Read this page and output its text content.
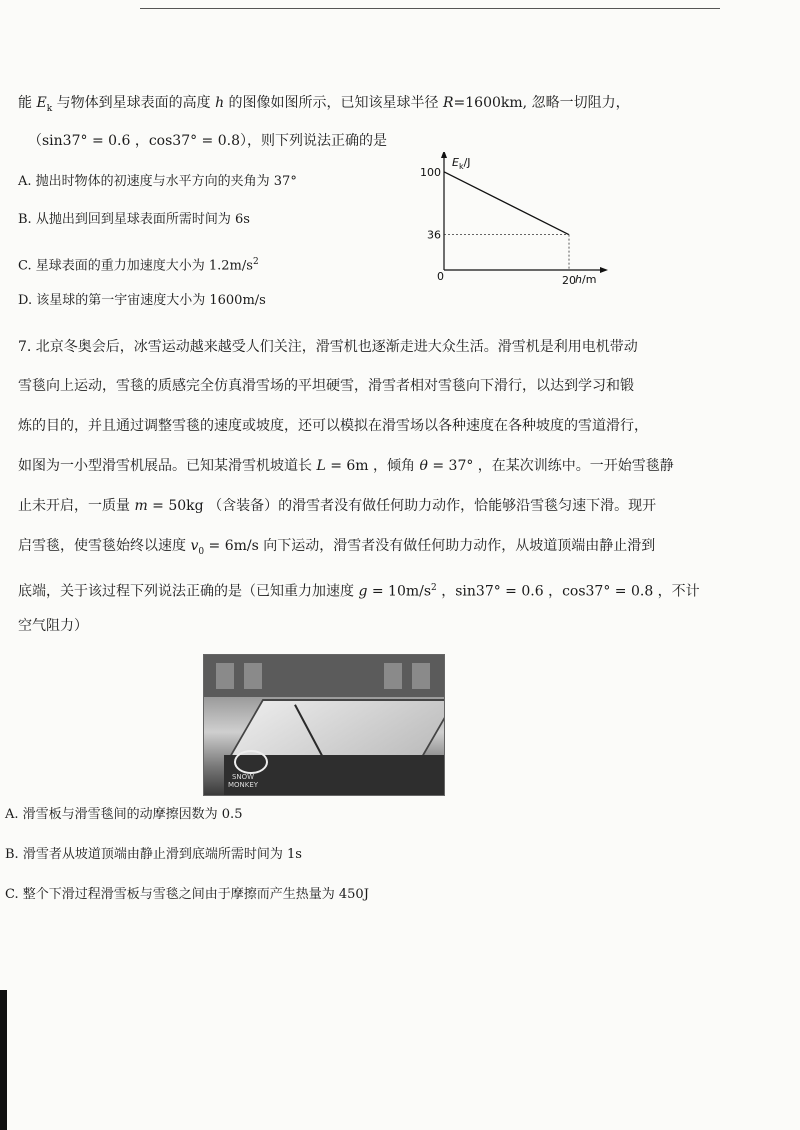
能 $E_k$ 与物体到星球表面的高度 h 的图像如图所示，已知该星球半径 R=1600km, 忽略一切阻力，
（sin37° = 0.6 ，cos37° = 0.8），则下列说法正确的是
A. 抛出时物体的初速度与水平方向的夹角为 37°
B. 从抛出到回到星球表面所需时间为 6s
C. 星球表面的重力加速度大小为 $1.2m/s^2$
D. 该星球的第一宇宙速度大小为 1600m/s
100
36
20
$E_k/J$
h/m
0
7. 北京冬奥会后，冰雪运动越来越受人们关注，滑雪机也逐渐走进大众生活。滑雪机是利用电机带动
雪毯向上运动，雪毯的质感完全仿真滑雪场的平坦硬雪，滑雪者相对雪毯向下滑行，以达到学习和锻
炼的目的，并且通过调整雪毯的速度或坡度，还可以模拟在滑雪场以各种速度在各种坡度的雪道滑行，
如图为一小型滑雪机展品。已知某滑雪机坡道长 L = 6m ，倾角 θ = 37° ，在某次训练中。一开始雪毯静
止未开启，一质量 m = 50kg （含装备）的滑雪者没有做任何助力动作，恰能够沿雪毯匀速下滑。现开
启雪毯，使雪毯始终以速度 $v_0 = 6m/s$ 向下运动，滑雪者没有做任何助力动作，从坡道顶端由静止滑到
底端，关于该过程下列说法正确的是（已知重力加速度 $g = 10m/s^2$ ，sin37° = 0.6 ，cos37° = 0.8 ，不计
空气阻力）
SNOW
MONKEY
A. 滑雪板与滑雪毯间的动摩擦因数为 0.5
B. 滑雪者从坡道顶端由静止滑到底端所需时间为 1s
C. 整个下滑过程滑雪板与雪毯之间由于摩擦而产生热量为 450J
